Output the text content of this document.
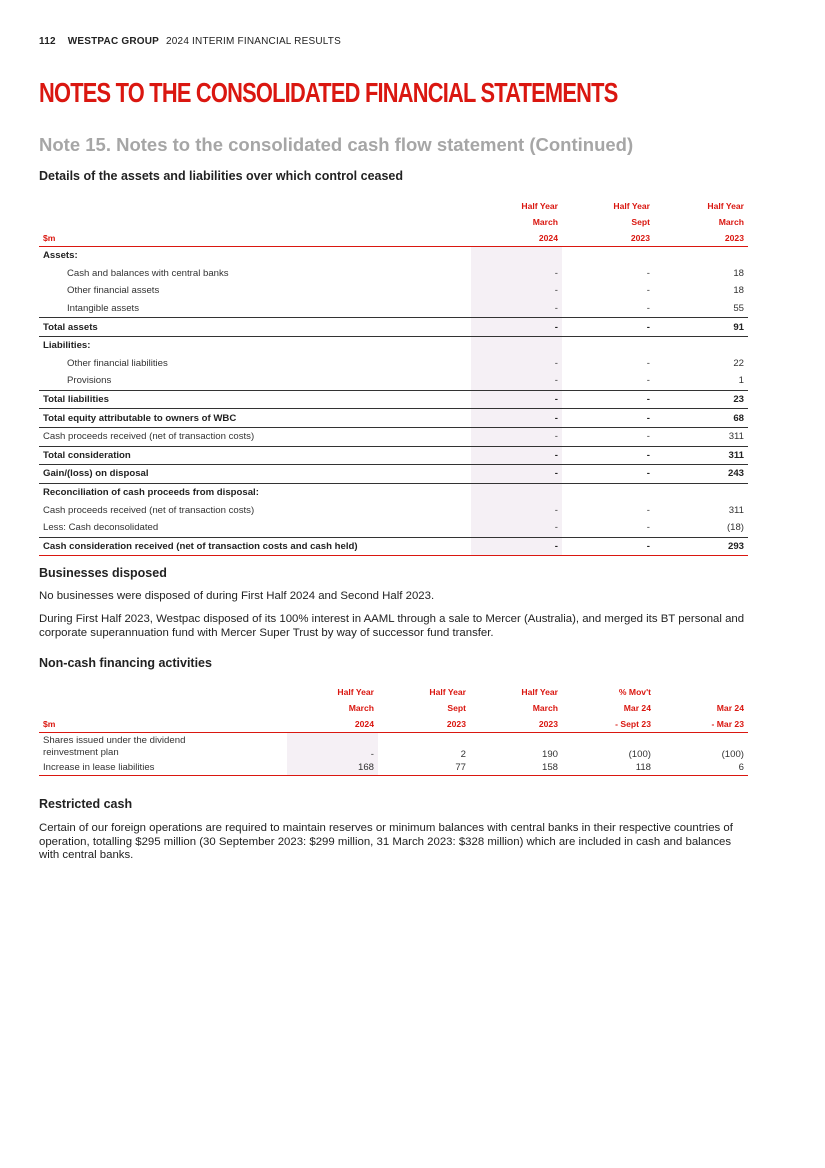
112 WESTPAC GROUP 2024 INTERIM FINANCIAL RESULTS
NOTES TO THE CONSOLIDATED FINANCIAL STATEMENTS
Note 15. Notes to the consolidated cash flow statement (Continued)
Details of the assets and liabilities over which control ceased
	Half Year	Half Year	Half Year
	March	Sept	March
$m	2024	2023	2023
Assets:			
Cash and balances with central banks	-	-	18
Other financial assets	-	-	18
Intangible assets	-	-	55
Total assets	-	-	91
Liabilities:			
Other financial liabilities	-	-	22
Provisions	-	-	1
Total liabilities	-	-	23
Total equity attributable to owners of WBC	-	-	68
Cash proceeds received (net of transaction costs)	-	-	311
Total consideration	-	-	311
Gain/(loss) on disposal	-	-	243
Reconciliation of cash proceeds from disposal:			
Cash proceeds received (net of transaction costs)	-	-	311
Less: Cash deconsolidated	-	-	(18)
Cash consideration received (net of transaction costs and cash held)	-	-	293
Businesses disposed

No businesses were disposed of during First Half 2024 and Second Half 2023.

During First Half 2023, Westpac disposed of its 100% interest in AAML through a sale to Mercer (Australia), and merged its BT personal and corporate superannuation fund with Mercer Super Trust by way of successor fund transfer.

Non-cash financing activities
	Half Year	Half Year	Half Year	% Mov't	
	March	Sept	March	Mar 24	Mar 24
$m	2024	2023	2023	- Sept 23	- Mar 23
Shares issued under the dividend
reinvestment plan	-	2	190	(100)	(100)
Increase in lease liabilities	168	77	158	118	6
Restricted cash

Certain of our foreign operations are required to maintain reserves or minimum balances with central banks in their respective countries of operation, totalling $295 million (30 September 2023: $299 million, 31 March 2023: $328 million) which are included in cash and balances with central banks.
